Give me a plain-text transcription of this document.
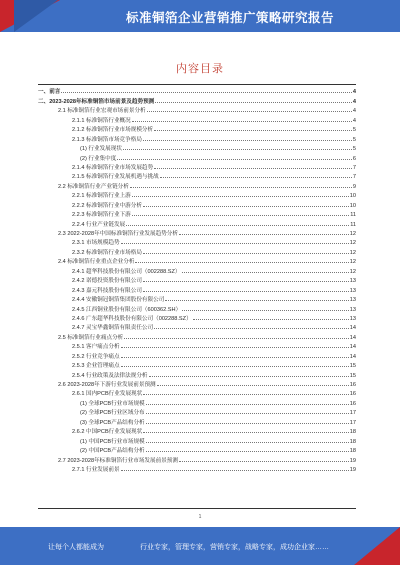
标准铜箔企业营销推广策略研究报告
内容目录
一、前言	4
二、2023-2028年标准铜箔市场前景及趋势预测	4
2.1 标准铜箔行业宏观市场前景分析	4
2.1.1 标准铜箔行业概况	4
2.1.2 标准铜箔行业市场规模分析	5
2.1.3 标准铜箔市场竞争格局	5
(1) 行业发展现状	5
(2) 行业集中度	6
2.1.4 标准铜箔行业市场发展趋势	7
2.1.5 标准铜箔行业发展机遇与挑战	7
2.2 标准铜箔行业产业链分析	9
2.2.1 标准铜箔行业上游	10
2.2.2 标准铜箔行业中游分析	10
2.2.3 标准铜箔行业下游	11
2.2.4 行业产业链发展	11
2.3 2022-2028年中国标准铜箔行业发展趋势分析	12
2.3.1 市场规模趋势	12
2.3.2 标准铜箔行业市场格局	12
2.4 标准铜箔行业重点企业分析	12
2.4.1 超华科技股份有限公司（002288.SZ）	12
2.4.2 诺德投资股份有限公司	13
2.4.3 嘉元科技股份有限公司	13
2.4.4 安徽铜冠铜箔集团股份有限公司	13
2.4.5 江西铜业股份有限公司（600362.SH）	13
2.4.6 广东超华科技股份有限公司（002288.SZ）	13
2.4.7 灵宝华鑫铜箔有限责任公司	14
2.5 标准铜箔行业痛点分析	14
2.5.1 客户痛点分析	14
2.5.2 行业竞争痛点	14
2.5.3 企业管理痛点	15
2.5.4 行业政策及法律法规分析	15
2.6 2023-2028年下游行业发展前景预测	16
2.6.1 国内PCB行业发展现状	16
(1) 全球PCB行业市场规模	16
(2) 全球PCB行业区域分布	17
(3) 全球PCB产品结构分析	17
2.6.2 中国PCB行业发展现状	18
(1) 中国PCB行业市场规模	18
(2) 中国PCB产品结构分析	18
2.7 2023-2028年标准铜箔行业市场发展前景预测	19
2.7.1 行业发展前景	19
1
让每个人都能成为	行业专家，管理专家，营销专家，战略专家，成功企业家……
